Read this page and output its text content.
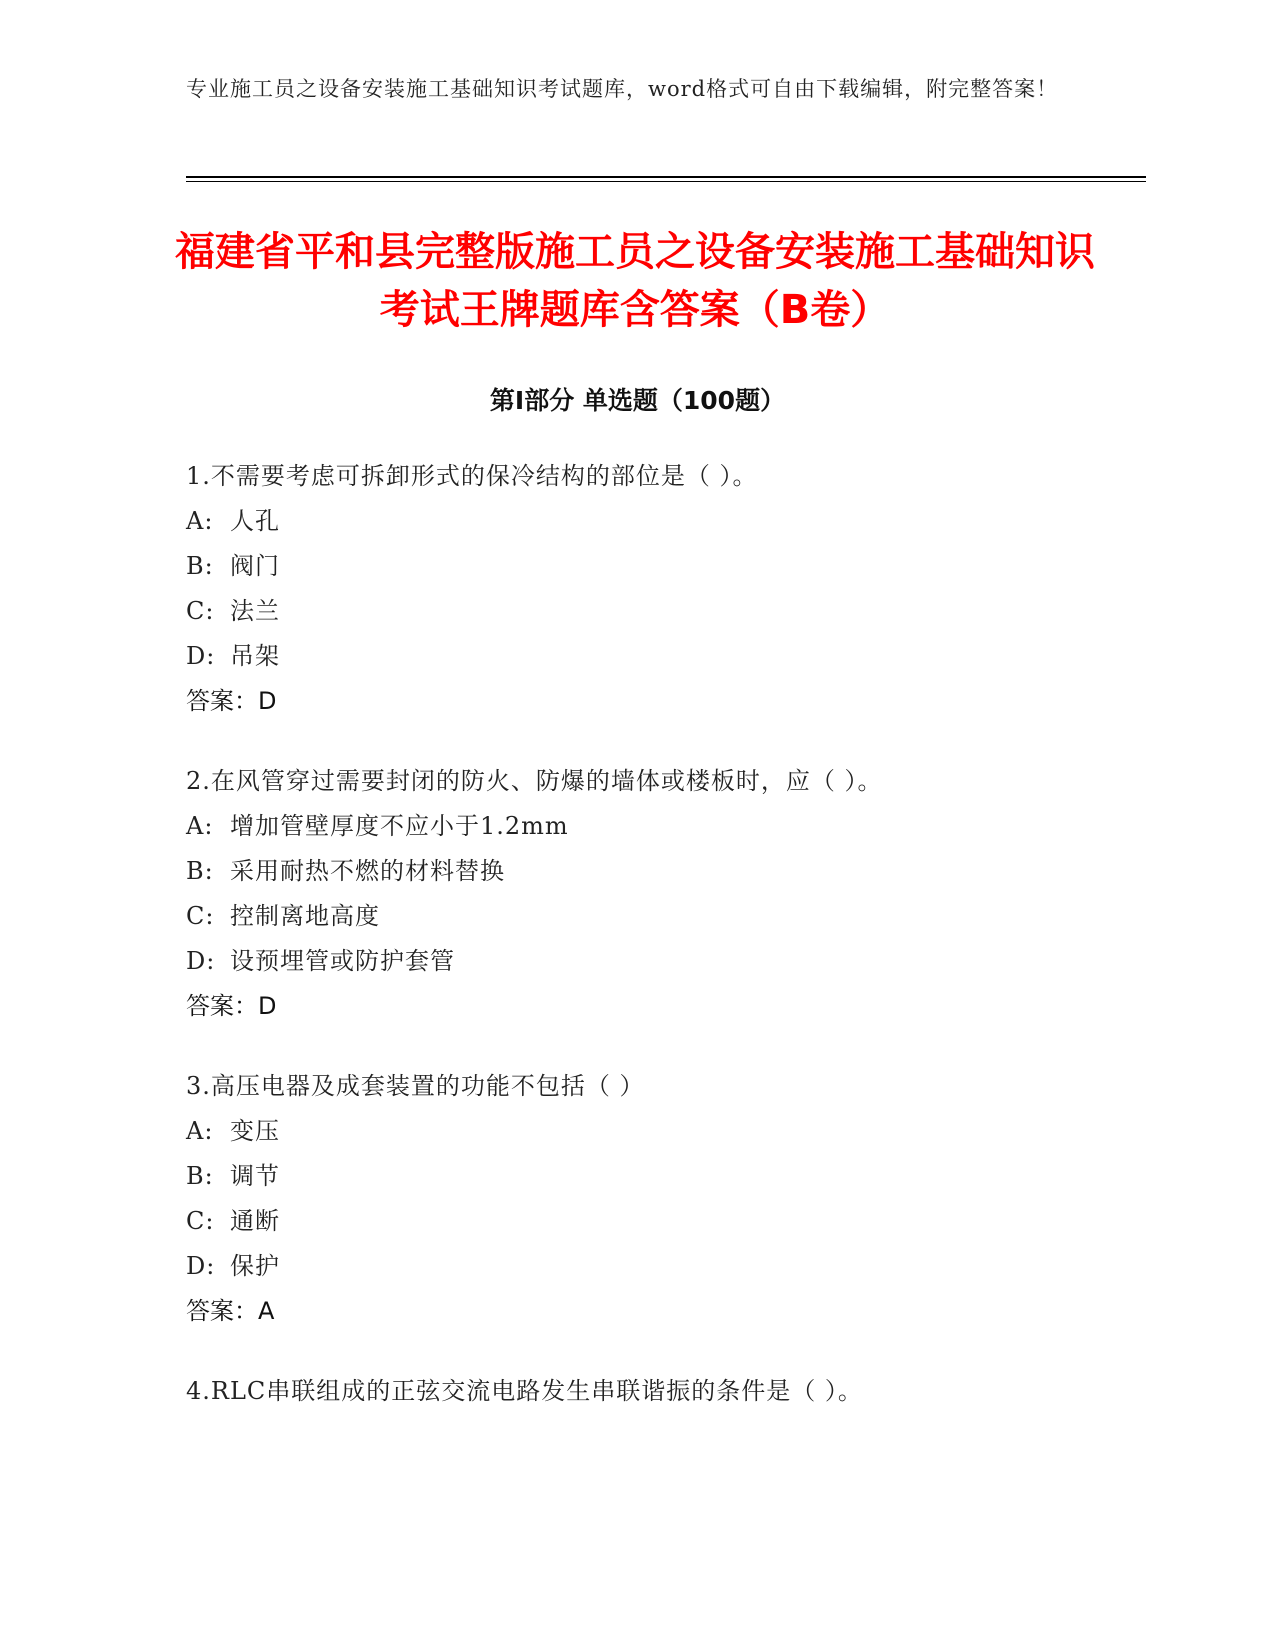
专业施工员之设备安装施工基础知识考试题库，word格式可自由下载编辑，附完整答案！
福建省平和县完整版施工员之设备安装施工基础知识考试王牌题库含答案（B卷）
第Ⅰ部分 单选题（100题）
1.不需要考虑可拆卸形式的保冷结构的部位是（ ）。
A: 人孔
B: 阀门
C: 法兰
D: 吊架
答案：D
2.在风管穿过需要封闭的防火、防爆的墙体或楼板时，应（ ）。
A: 增加管壁厚度不应小于1.2mm
B: 采用耐热不燃的材料替换
C: 控制离地高度
D: 设预埋管或防护套管
答案：D
3.高压电器及成套装置的功能不包括（ ）
A: 变压
B: 调节
C: 通断
D: 保护
答案：A
4.RLC串联组成的正弦交流电路发生串联谐振的条件是（ ）。
